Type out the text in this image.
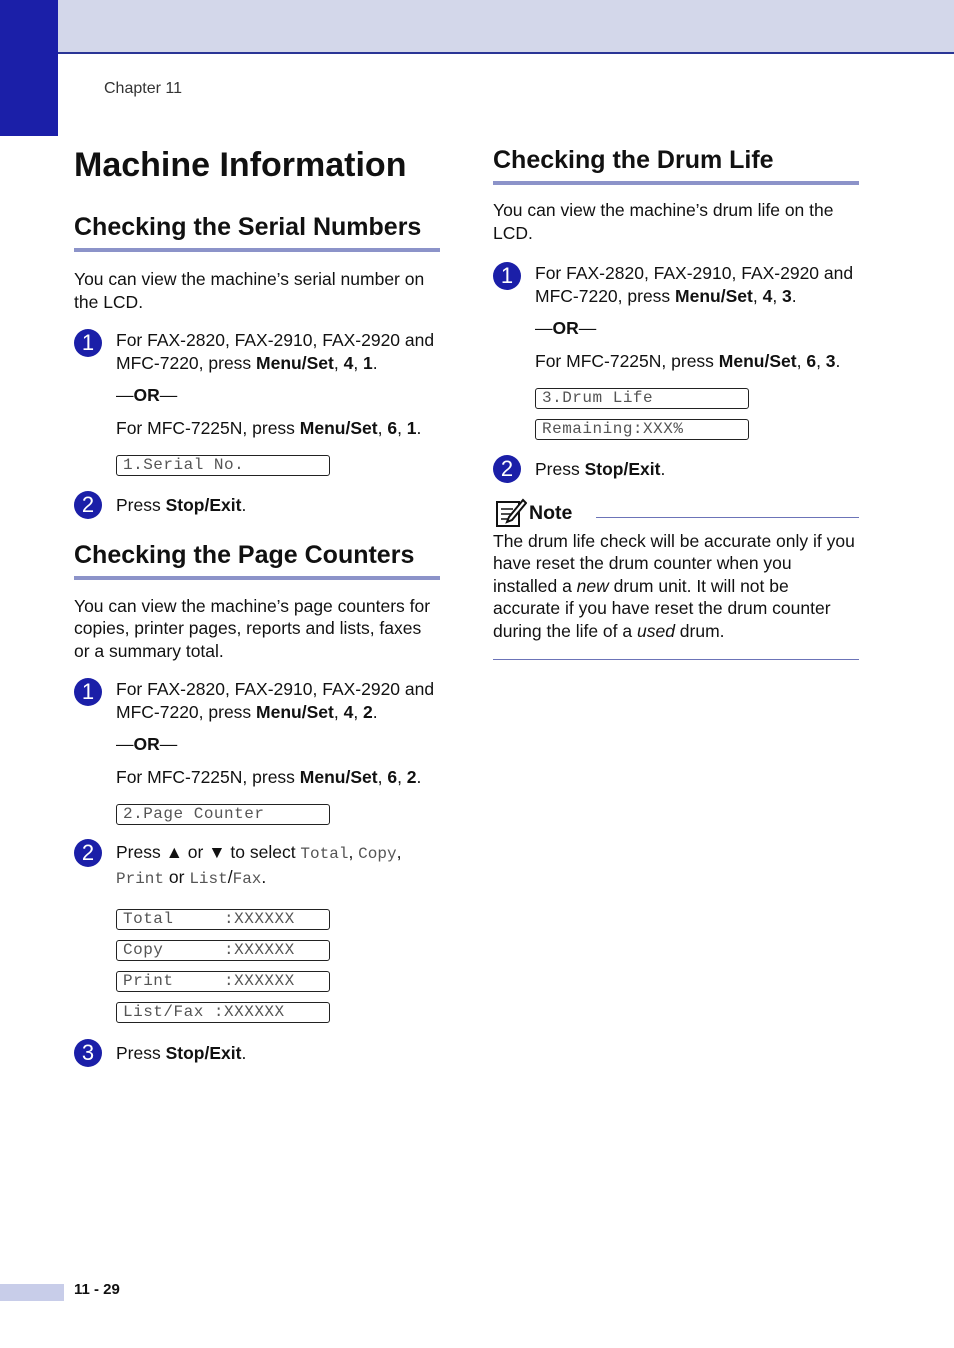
Chapter 11
Machine Information
Checking the Serial Numbers

You can view the machine’s serial number on the LCD.

1	For FAX-2820, FAX-2910, FAX-2920 and MFC-7220, press Menu/Set, 4, 1.

—OR—

For MFC-7225N, press Menu/Set, 6, 1.

1.Serial No.
2	Press Stop/Exit.

Checking the Page Counters

You can view the machine’s page counters for copies, printer pages, reports and lists, faxes or a summary total.

1	For FAX-2820, FAX-2910, FAX-2920 and MFC-7220, press Menu/Set, 4, 2.

—OR—

For MFC-7225N, press Menu/Set, 6, 2.

2.Page Counter
2	Press ▲ or ▼ to select Total, Copy, Print or List/Fax.

Total     :XXXXXX
Copy      :XXXXXX
Print     :XXXXXX
List/Fax :XXXXXX
3	Press Stop/Exit.

Checking the Drum Life

You can view the machine’s drum life on the LCD.

1	For FAX-2820, FAX-2910, FAX-2920 and MFC-7220, press Menu/Set, 4, 3.

—OR—

For MFC-7225N, press Menu/Set, 6, 3.

3.Drum Life
Remaining:XXX%
2	Press Stop/Exit.

Note

The drum life check will be accurate only if you have reset the drum counter when you installed a new drum unit. It will not be accurate if you have reset the drum counter during the life of a used drum.

11 - 29
